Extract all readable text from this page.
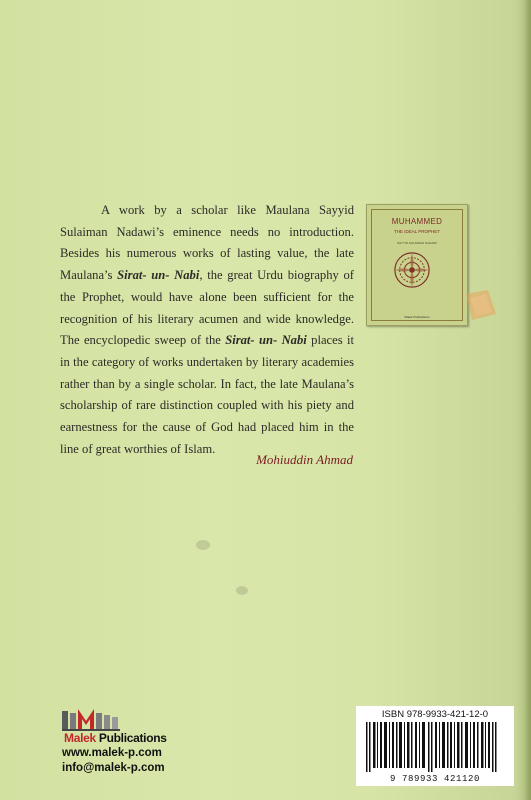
A work by a scholar like Maulana Sayyid Sulaiman Nadawi’s eminence needs no introduction. Besides his numerous works of lasting value, the late Maulana’s Sirat- un- Nabi, the great Urdu biography of the Prophet, would have alone been sufficient for the recognition of his literary acumen and wide knowledge. The encyclopedic sweep of the Sirat- un- Nabi places it in the category of works undertaken by literary academies rather than by a single scholar. In fact, the late Maulana’s scholarship of rare distinction coupled with his piety and earnestness for the cause of God had placed him in the line of great worthies of Islam.

Mohiuddin Ahmad
MUHAMMED
THE IDEAL PROPHET
SAYYID SULAIMAN NADAWI
Malek Publications
Malek Publications
www.malek-p.com
info@malek-p.com
ISBN 978-9933-421-12-0
9 789933 421120
